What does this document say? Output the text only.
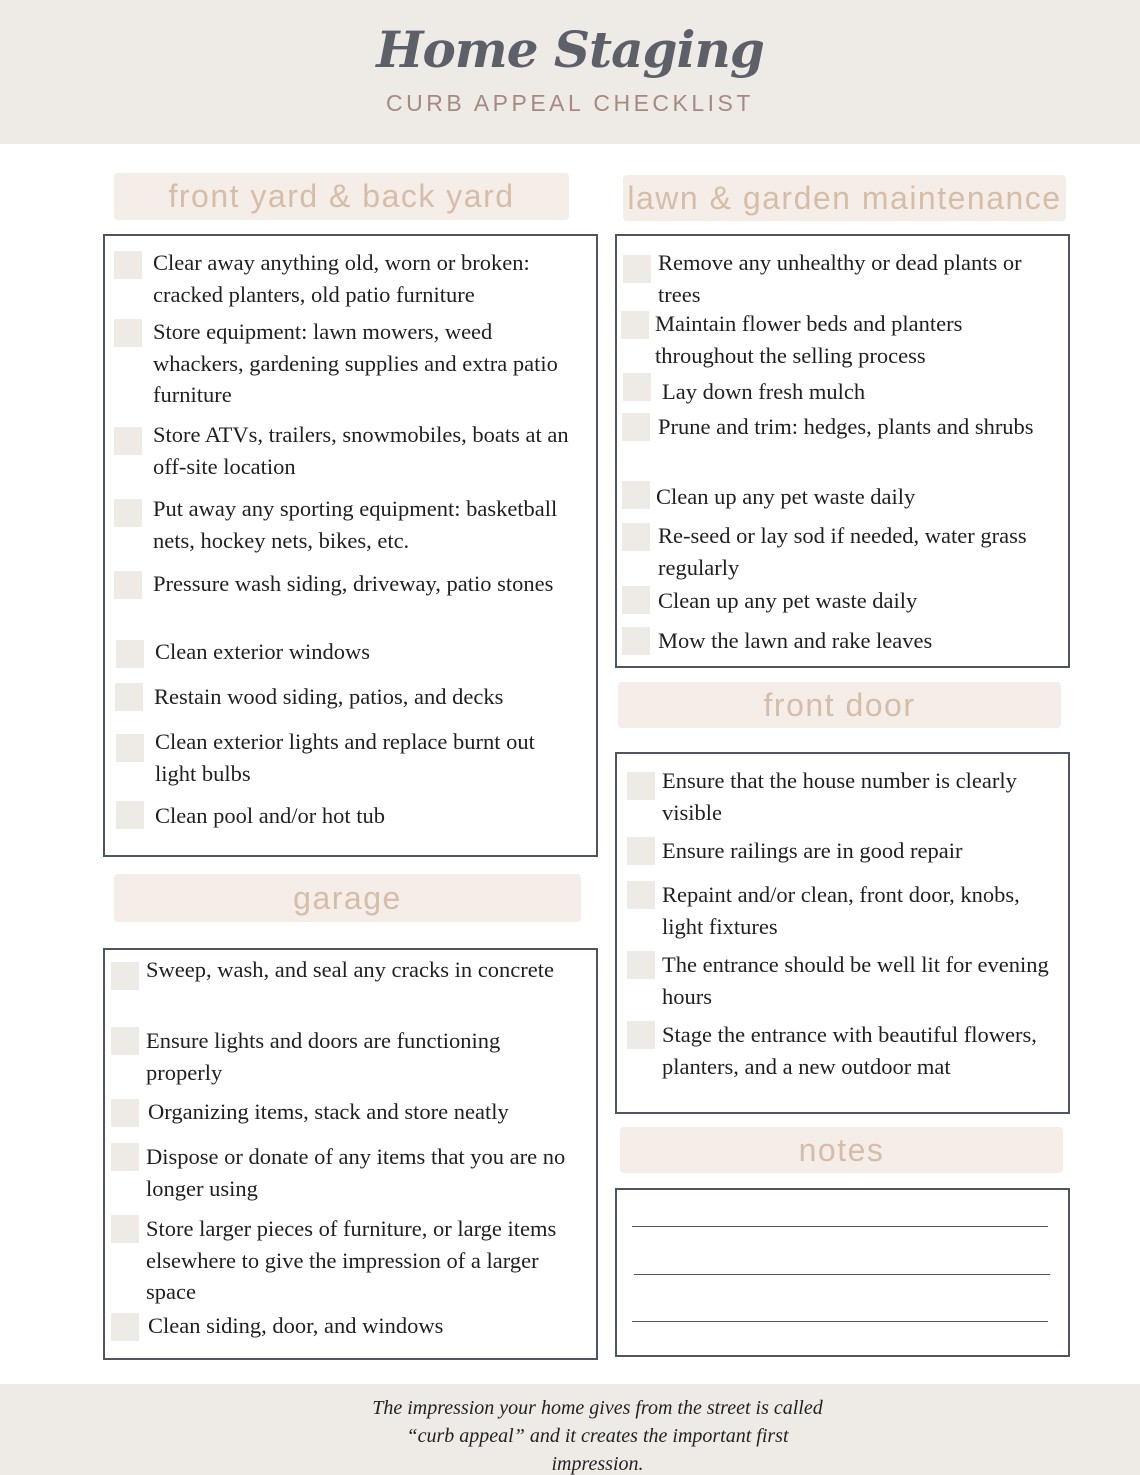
Home Staging
CURB APPEAL CHECKLIST
front yard & back yard
Clear away anything old, worn or broken: cracked planters, old patio furniture
Store equipment: lawn mowers, weed whackers, gardening supplies and extra patio furniture
Store ATVs, trailers, snowmobiles, boats at an off-site location
Put away any sporting equipment: basketball nets, hockey nets, bikes, etc.
Pressure wash siding, driveway, patio stones
Clean exterior windows
Restain wood siding, patios, and decks
Clean exterior lights and replace burnt out light bulbs
Clean pool and/or hot tub
garage
Sweep, wash, and seal any cracks in concrete
Ensure lights and doors are functioning properly
Organizing items, stack and store neatly
Dispose or donate of any items that you are no longer using
Store larger pieces of furniture, or large items elsewhere to give the impression of a larger space
Clean siding, door, and windows
lawn & garden maintenance
Remove any unhealthy or dead plants or trees
Maintain flower beds and planters throughout the selling process
Lay down fresh mulch
Prune and trim: hedges, plants and shrubs
Clean up any pet waste daily
Re-seed or lay sod if needed, water grass regularly
Clean up any pet waste daily
Mow the lawn and rake leaves
front door
Ensure that the house number is clearly visible
Ensure railings are in good repair
Repaint and/or clean, front door, knobs, light fixtures
The entrance should be well lit for evening hours
Stage the entrance with beautiful flowers, planters, and a new outdoor mat
notes
The impression your home gives from the street is called “curb appeal” and it creates the important first impression.
